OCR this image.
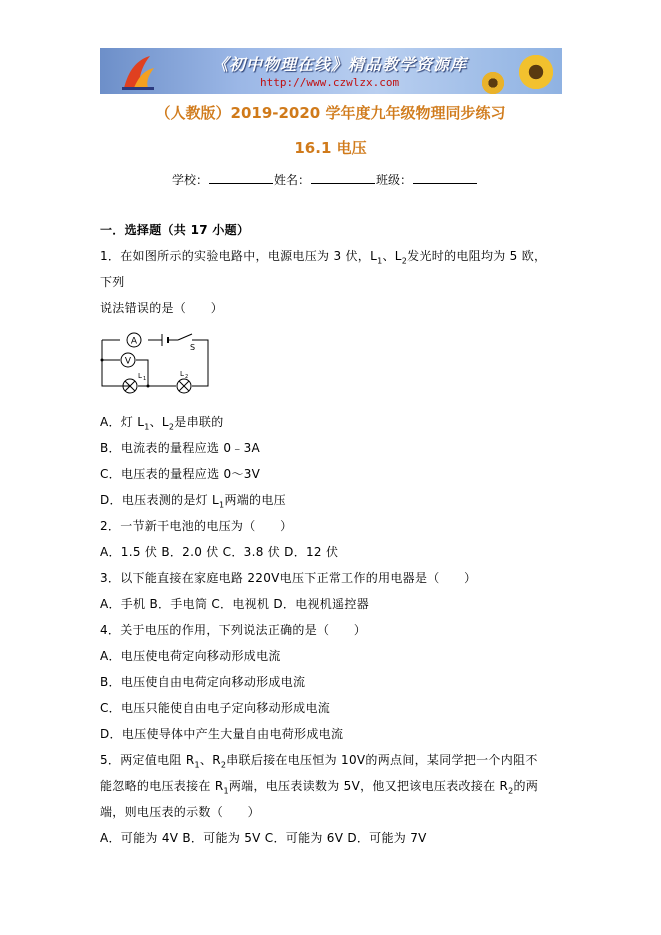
《初中物理在线》精品教学资源库
http://www.czwlzx.com
（人教版）2019-2020 学年度九年级物理同步练习
16.1 电压
学校：	姓名：	班级：
一．选择题（共 17 小题）
1．在如图所示的实验电路中，电源电压为 3 伏，$L_1$、$L_2$发光时的电阻均为 5 欧，
下列
说法错误的是（　　）
A
V
S
L 1
L 2
A．灯 $L_1$、$L_2$是串联的
B．电流表的量程应选 0﹣3A
C．电压表的量程应选 0～3V
D．电压表测的是灯 $L_1$两端的电压
2．一节新干电池的电压为（　　）
A．1.5 伏 B．2.0 伏 C．3.8 伏 D．12 伏
3．以下能直接在家庭电路 220V电压下正常工作的用电器是（　　）
A．手机 B．手电筒 C．电视机 D．电视机遥控器
4．关于电压的作用，下列说法正确的是（　　）
A．电压使电荷定向移动形成电流
B．电压使自由电荷定向移动形成电流
C．电压只能使自由电子定向移动形成电流
D．电压使导体中产生大量自由电荷形成电流
5．两定值电阻 $R_1$、$R_2$串联后接在电压恒为 10V的两点间，某同学把一个内阻不
能忽略的电压表接在 $R_1$两端，电压表读数为 5V，他又把该电压表改接在 $R_2$的两
端，则电压表的示数（　　）
A．可能为 4V B．可能为 5V C．可能为 6V D．可能为 7V
